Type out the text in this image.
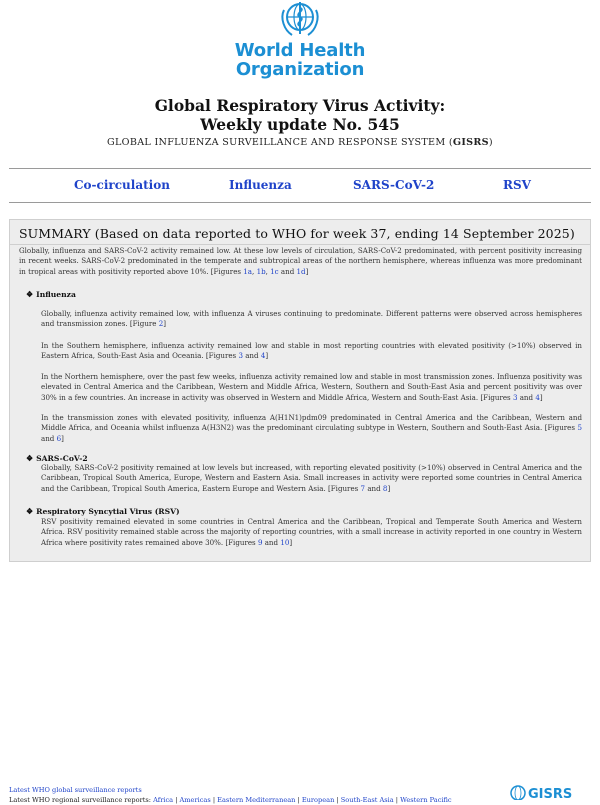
World Health
Organization
Global Respiratory Virus Activity:
Weekly update No. 545
GLOBAL INFLUENZA SURVEILLANCE AND RESPONSE SYSTEM (GISRS)
Co-circulation	Influenza	SARS-CoV-2	RSV
SUMMARY (Based on data reported to WHO for week 37, ending 14 September 2025)
Globally, influenza and SARS-CoV-2 activity remained low. At these low levels of circulation, SARS-CoV-2 predominated, with percent positivity increasing in recent weeks. SARS-CoV-2 predominated in the temperate and subtropical areas of the northern hemisphere, whereas influenza was more predominant in tropical areas with positivity reported above 10%. [Figures 1a, 1b, 1c and 1d]
❖ Influenza
Globally, influenza activity remained low, with influenza A viruses continuing to predominate. Different patterns were observed across hemispheres and transmission zones. [Figure 2]
In the Southern hemisphere, influenza activity remained low and stable in most reporting countries with elevated positivity (>10%) observed in Eastern Africa, South-East Asia and Oceania. [Figures 3 and 4]
In the Northern hemisphere, over the past few weeks, influenza activity remained low and stable in most transmission zones. Influenza positivity was elevated in Central America and the Caribbean, Western and Middle Africa, Western, Southern and South-East Asia and percent positivity was over 30% in a few countries. An increase in activity was observed in Western and Middle Africa, Western and South-East Asia. [Figures 3 and 4]
In the transmission zones with elevated positivity, influenza A(H1N1)pdm09 predominated in Central America and the Caribbean, Western and Middle Africa, and Oceania whilst influenza A(H3N2) was the predominant circulating subtype in Western, Southern and South-East Asia. [Figures 5 and 6]
❖ SARS-CoV-2
Globally, SARS-CoV-2 positivity remained at low levels but increased, with reporting elevated positivity (>10%) observed in Central America and the Caribbean, Tropical South America, Europe, Western and Eastern Asia. Small increases in activity were reported some countries in Central America and the Caribbean, Tropical South America, Eastern Europe and Western Asia. [Figures 7 and 8]
❖ Respiratory Syncytial Virus (RSV)
RSV positivity remained elevated in some countries in Central America and the Caribbean, Tropical and Temperate South America and Western Africa. RSV positivity remained stable across the majority of reporting countries, with a small increase in activity reported in one country in Western Africa where positivity rates remained above 30%. [Figures 9 and 10]
Latest WHO global surveillance reports
Latest WHO regional surveillance reports: Africa | Americas | Eastern Mediterranean | European | South-East Asia | Western Pacific	GISRS
